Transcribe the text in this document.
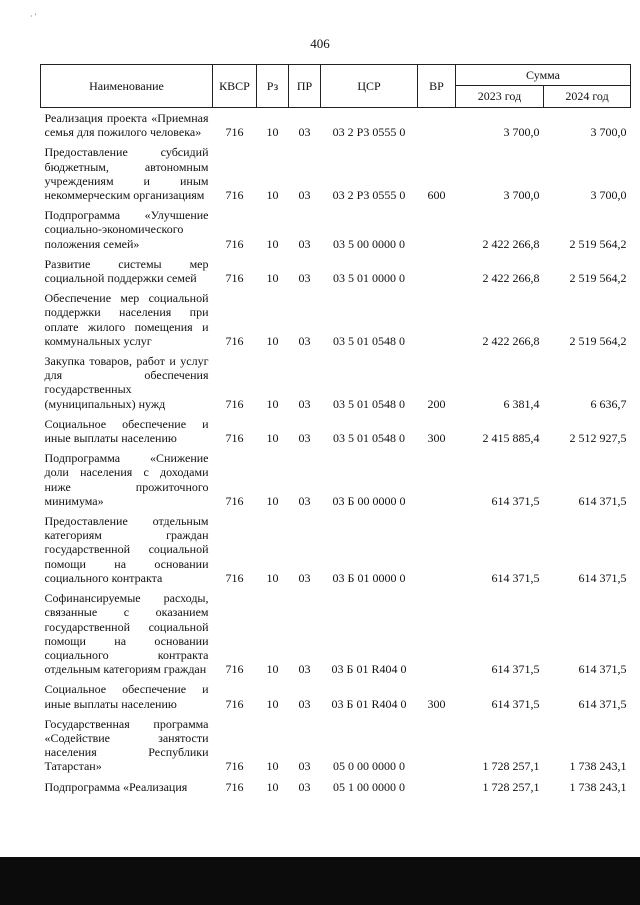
· '
406
Наименование	КВСР	Рз	ПР	ЦСР	ВР	Сумма	
						2023 год	2024 год
Реализация проекта «Приемная семья для пожилого человека»	716	10	03	03 2 Р3 0555 0		3 700,0	3 700,0
Предоставление субсидий бюджетным, автономным учреждениям и иным некоммерческим организациям	716	10	03	03 2 Р3 0555 0	600	3 700,0	3 700,0
Подпрограмма «Улучшение социально-экономического положения семей»	716	10	03	03 5 00 0000 0		2 422 266,8	2 519 564,2
Развитие системы мер социальной поддержки семей	716	10	03	03 5 01 0000 0		2 422 266,8	2 519 564,2
Обеспечение мер социальной поддержки населения при оплате жилого помещения и коммунальных услуг	716	10	03	03 5 01 0548 0		2 422 266,8	2 519 564,2
Закупка товаров, работ и услуг для обеспечения государственных (муниципальных) нужд	716	10	03	03 5 01 0548 0	200	6 381,4	6 636,7
Социальное обеспечение и иные выплаты населению	716	10	03	03 5 01 0548 0	300	2 415 885,4	2 512 927,5
Подпрограмма «Снижение доли населения с доходами ниже прожиточного минимума»	716	10	03	03 Б 00 0000 0		614 371,5	614 371,5
Предоставление отдельным категориям граждан государственной социальной помощи на основании социального контракта	716	10	03	03 Б 01 0000 0		614 371,5	614 371,5
Софинансируемые расходы, связанные с оказанием государственной социальной помощи на основании социального контракта отдельным категориям граждан	716	10	03	03 Б 01 R404 0		614 371,5	614 371,5
Социальное обеспечение и иные выплаты населению	716	10	03	03 Б 01 R404 0	300	614 371,5	614 371,5
Государственная программа «Содействие занятости населения Республики Татарстан»	716	10	03	05 0 00 0000 0		1 728 257,1	1 738 243,1
Подпрограмма «Реализация	716	10	03	05 1 00 0000 0		1 728 257,1	1 738 243,1
